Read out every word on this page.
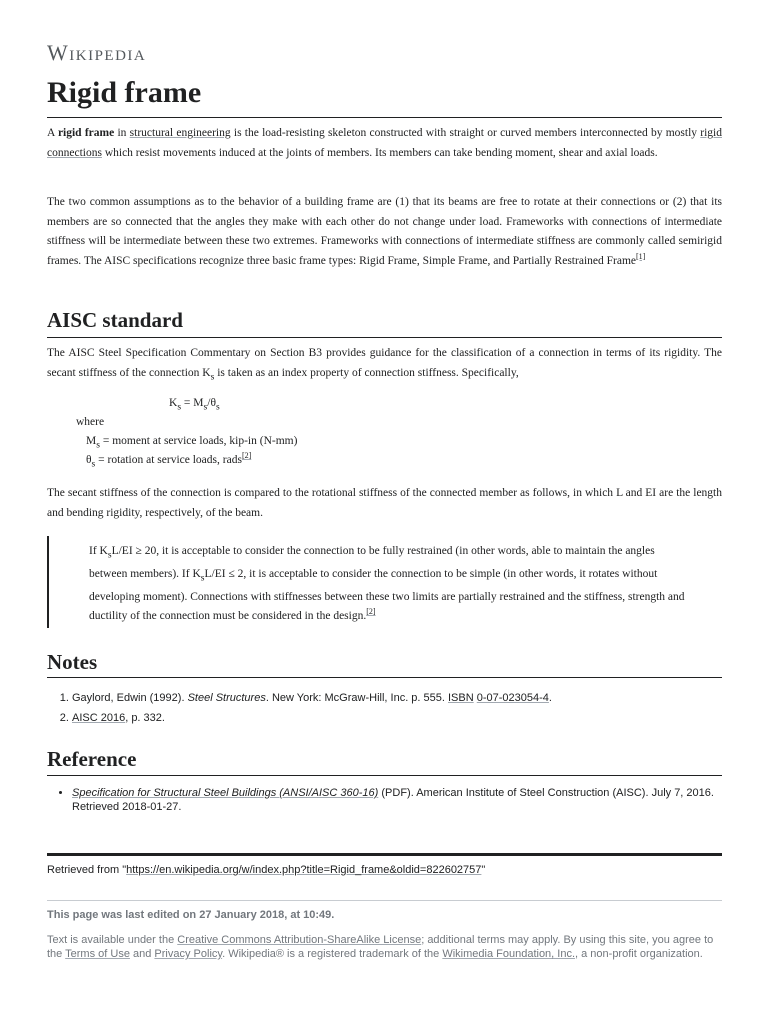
Wikipedia
Rigid frame

A rigid frame in structural engineering is the load-resisting skeleton constructed with straight or curved members interconnected by mostly rigid connections which resist movements induced at the joints of members. Its members can take bending moment, shear and axial loads.

The two common assumptions as to the behavior of a building frame are (1) that its beams are free to rotate at their connections or (2) that its members are so connected that the angles they make with each other do not change under load. Frameworks with connections of intermediate stiffness will be intermediate between these two extremes. Frameworks with connections of intermediate stiffness are commonly called semirigid frames. The AISC specifications recognize three basic frame types: Rigid Frame, Simple Frame, and Partially Restrained Frame[1]

AISC standard

The AISC Steel Specification Commentary on Section B3 provides guidance for the classification of a connection in terms of its rigidity. The secant stiffness of the connection $K_s$ is taken as an index property of connection stiffness. Specifically,

$K_s = M_s/\theta_s$
where
$M_s$ = moment at service loads, kip-in (N-mm)
$\theta_s$ = rotation at service loads, rads[2]

The secant stiffness of the connection is compared to the rotational stiffness of the connected member as follows, in which L and EI are the length and bending rigidity, respectively, of the beam.

If $K_sL/EI \ge 20$, it is acceptable to consider the connection to be fully restrained (in other words, able to maintain the angles between members). If $K_sL/EI \le 2$, it is acceptable to consider the connection to be simple (in other words, it rotates without developing moment). Connections with stiffnesses between these two limits are partially restrained and the stiffness, strength and ductility of the connection must be considered in the design.[2]

Notes
1. Gaylord, Edwin (1992). Steel Structures. New York: McGraw-Hill, Inc. p. 555. ISBN 0-07-023054-4.
2. AISC 2016, p. 332.
Reference
• Specification for Structural Steel Buildings (ANSI/AISC 360-16) (PDF). American Institute of Steel Construction (AISC). July 7, 2016. Retrieved 2018-01-27.
Retrieved from "https://en.wikipedia.org/w/index.php?title=Rigid_frame&oldid=822602757"
This page was last edited on 27 January 2018, at 10:49.
Text is available under the Creative Commons Attribution-ShareAlike License; additional terms may apply. By using this site, you agree to the Terms of Use and Privacy Policy. Wikipedia® is a registered trademark of the Wikimedia Foundation, Inc., a non-profit organization.
